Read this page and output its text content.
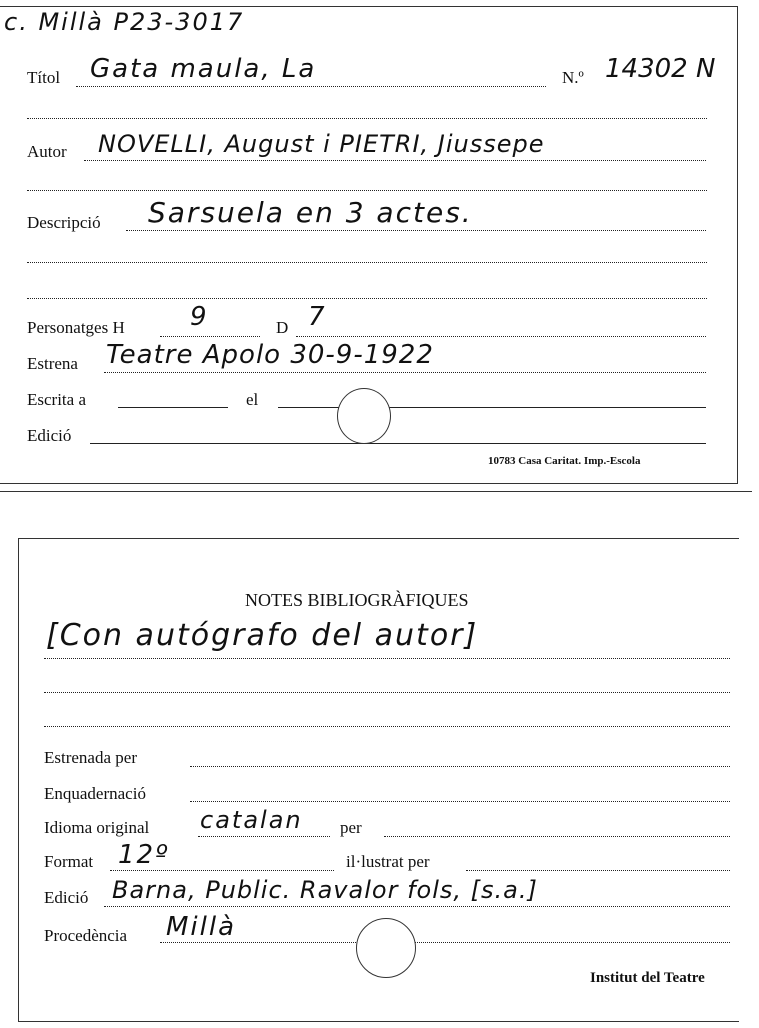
c. Millà P23-3017
Títol Gata maula, La	N.º 14302 N
Autor NOVELLI, August i PIETRI, Jiussepe
Descripció Sarsuela en 3 actes.
Personatges H	9	D 7
Estrena Teatre Apolo 30-9-1922
Escrita a	el
Edició
10783 Casa Caritat. Imp.-Escola
NOTES BIBLIOGRÀFIQUES
[Con autógrafo del autor]
Estrenada per
Enquadernació
Idioma original catalan per
Format 12º	il·lustrat per
Edició Barna, Public. Ravalor fols, [s.a.]
Procedència Millà
Institut del Teatre
